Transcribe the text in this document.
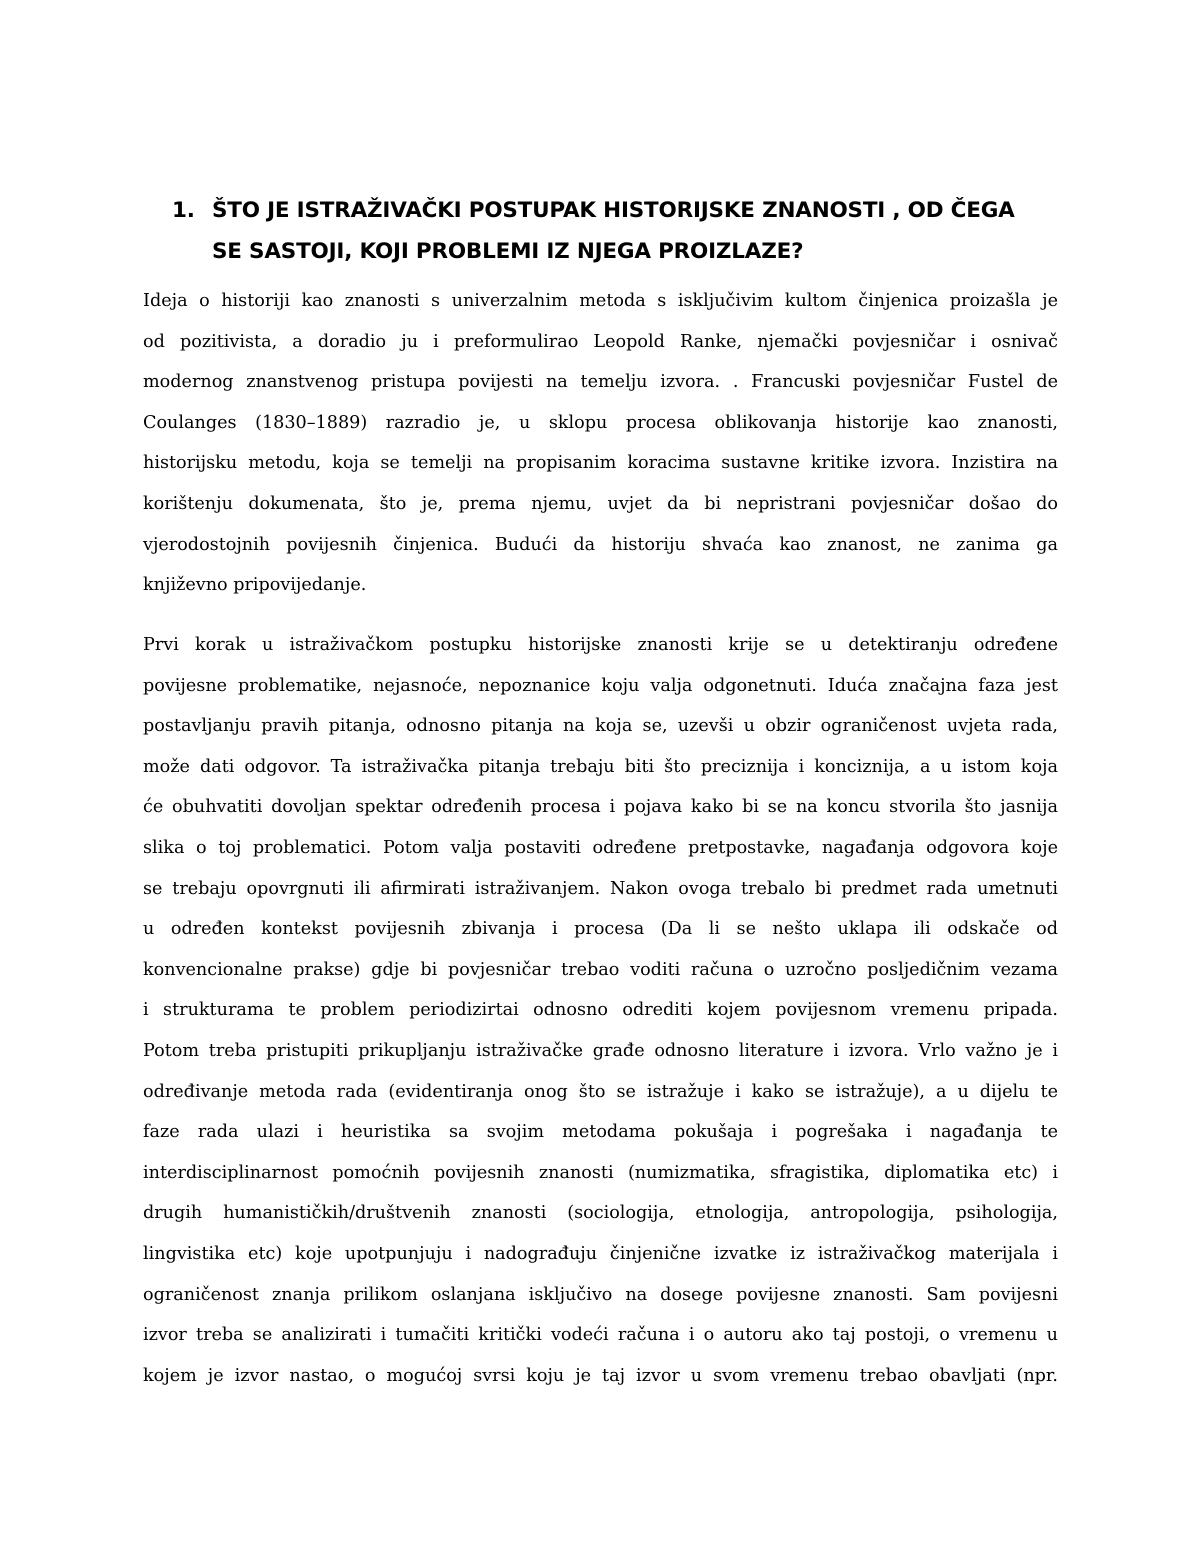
1. ŠTO JE ISTRAŽIVAČKI POSTUPAK HISTORIJSKE ZNANOSTI , OD ČEGA
SE SASTOJI, KOJI PROBLEMI IZ NJEGA PROIZLAZE?
Ideja o historiji kao znanosti s univerzalnim metoda s isključivim kultom činjenica proizašla je
od pozitivista, a doradio ju i preformulirao Leopold Ranke, njemački povjesničar i osnivač
modernog znanstvenog pristupa povijesti na temelju izvora. . Francuski povjesničar Fustel de
Coulanges (1830–1889) razradio je, u sklopu procesa oblikovanja historije kao znanosti,
historijsku metodu, koja se temelji na propisanim koracima sustavne kritike izvora. Inzistira na
korištenju dokumenata, što je, prema njemu, uvjet da bi nepristrani povjesničar došao do
vjerodostojnih povijesnih činjenica. Budući da historiju shvaća kao znanost, ne zanima ga
književno pripovijedanje.
Prvi korak u istraživačkom postupku historijske znanosti krije se u detektiranju određene
povijesne problematike, nejasnoće, nepoznanice koju valja odgonetnuti. Iduća značajna faza jest
postavljanju pravih pitanja, odnosno pitanja na koja se, uzevši u obzir ograničenost uvjeta rada,
može dati odgovor. Ta istraživačka pitanja trebaju biti što preciznija i konciznija, a u istom koja
će obuhvatiti dovoljan spektar određenih procesa i pojava kako bi se na koncu stvorila što jasnija
slika o toj problematici. Potom valja postaviti određene pretpostavke, nagađanja odgovora koje
se trebaju opovrgnuti ili afirmirati istraživanjem. Nakon ovoga trebalo bi predmet rada umetnuti
u određen kontekst povijesnih zbivanja i procesa (Da li se nešto uklapa ili odskače od
konvencionalne prakse) gdje bi povjesničar trebao voditi računa o uzročno posljedičnim vezama
i strukturama te problem periodizirtai odnosno odrediti kojem povijesnom vremenu pripada.
Potom treba pristupiti prikupljanju istraživačke građe odnosno literature i izvora. Vrlo važno je i
određivanje metoda rada (evidentiranja onog što se istražuje i kako se istražuje), a u dijelu te
faze rada ulazi i heuristika sa svojim metodama pokušaja i pogrešaka i nagađanja te
interdisciplinarnost pomoćnih povijesnih znanosti (numizmatika, sfragistika, diplomatika etc) i
drugih humanističkih/društvenih znanosti (sociologija, etnologija, antropologija, psihologija,
lingvistika etc) koje upotpunjuju i nadograđuju činjenične izvatke iz istraživačkog materijala i
ograničenost znanja prilikom oslanjana isključivo na dosege povijesne znanosti. Sam povijesni
izvor treba se analizirati i tumačiti kritički vodeći računa i o autoru ako taj postoji, o vremenu u
kojem je izvor nastao, o mogućoj svrsi koju je taj izvor u svom vremenu trebao obavljati (npr.
